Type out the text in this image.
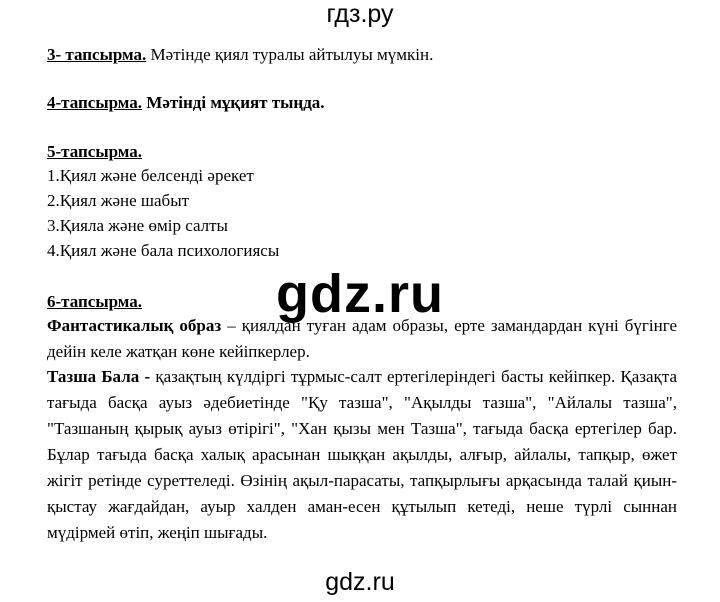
гдз.ру
3- тапсырма. Мәтінде қиял туралы айтылуы мүмкін.
4-тапсырма. Мәтінді мұқият тыңда.
5-тапсырма.
1.Қиял және белсенді әрекет
2.Қиял және шабыт
3.Қияла және өмір салты
4.Қиял және бала психологиясы
6-тапсырма.
Фантастикалық образ – қиялдан туған адам образы, ерте замандардан күні бүгінге дейін келе жатқан көне кейіпкерлер.
Тазша Бала - қазақтың күлдіргі тұрмыс-салт ертегілеріндегі басты кейіпкер. Қазақта тағыда басқа ауыз әдебиетінде "Қу тазша", "Ақылды тазша", "Айлалы тазша", "Тазшаның қырық ауыз өтірігі", "Хан қызы мен Тазша", тағыда басқа ертегілер бар. Бұлар тағыда басқа халық арасынан шыққан ақылды, алғыр, айлалы, тапқыр, өжет жігіт ретінде суреттеледі. Өзінің ақыл-парасаты, тапқырлығы арқасында талай қиын-қыстау жағдайдан, ауыр халден аман-есен құтылып кетеді, неше түрлі сыннан мүдірмей өтіп, жеңіп шығады.
gdz.ru
gdz.ru
